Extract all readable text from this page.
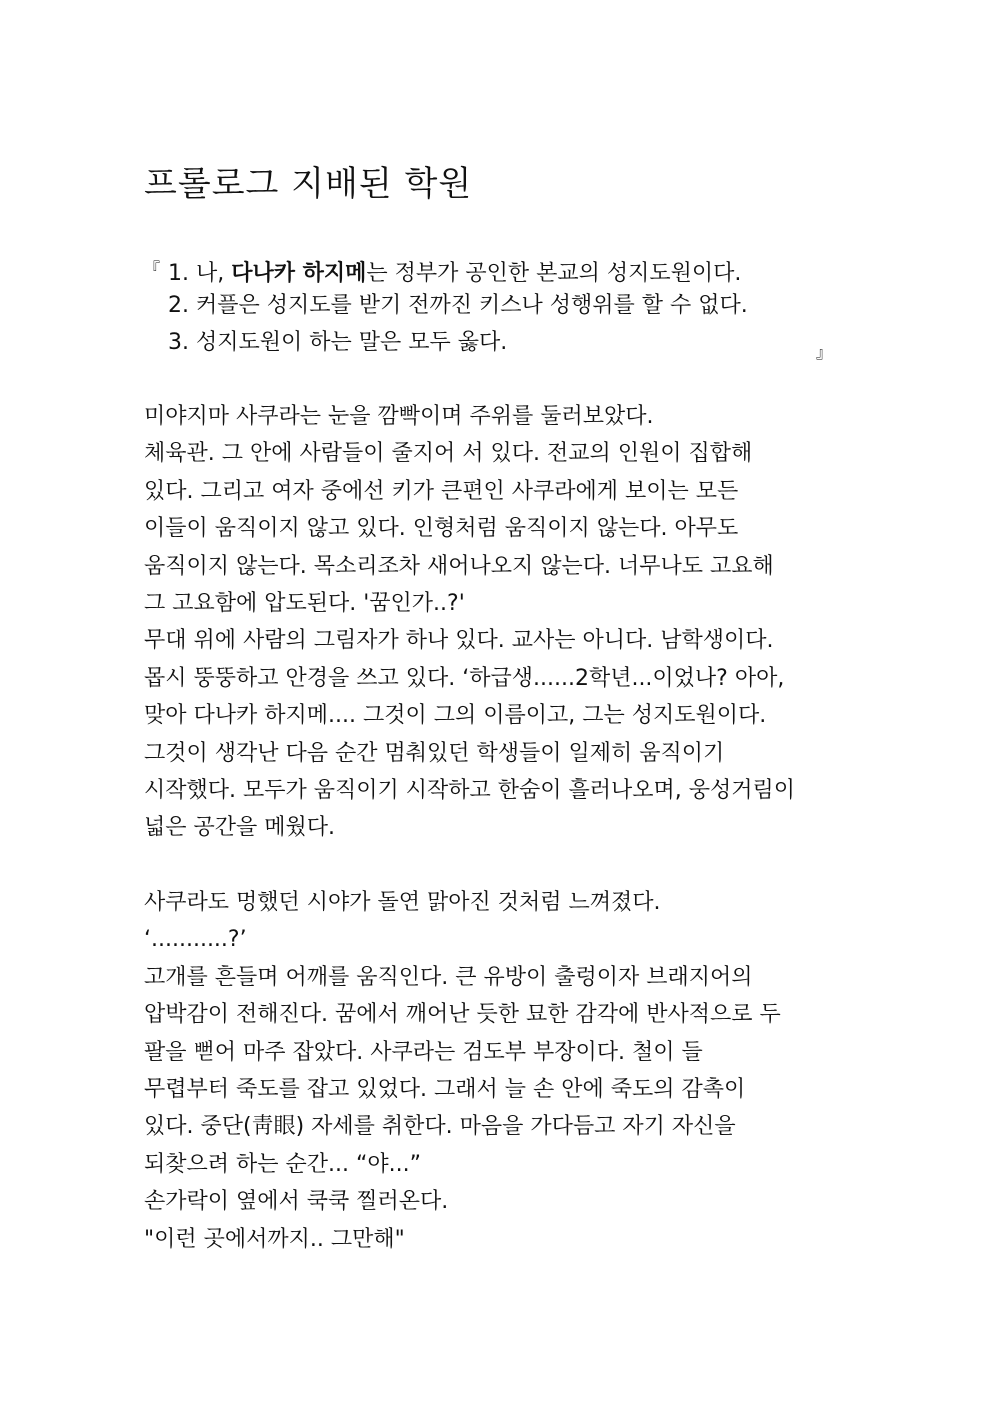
프롤로그 지배된 학원
『 1. 나, 다나카 하지메는 정부가 공인한 본교의 성지도원이다.
2. 커플은 성지도를 받기 전까진 키스나 성행위를 할 수 없다.
3. 성지도원이 하는 말은 모두 옳다.	』
미야지마 사쿠라는 눈을 깜빡이며 주위를 둘러보았다.
체육관. 그 안에 사람들이 줄지어 서 있다. 전교의 인원이 집합해
있다. 그리고 여자 중에선 키가 큰편인 사쿠라에게 보이는 모든
이들이 움직이지 않고 있다. 인형처럼 움직이지 않는다. 아무도
움직이지 않는다. 목소리조차 새어나오지 않는다. 너무나도 고요해
그 고요함에 압도된다. '꿈인가..?'
무대 위에 사람의 그림자가 하나 있다. 교사는 아니다. 남학생이다.
몹시 뚱뚱하고 안경을 쓰고 있다. ‘하급생......2학년...이었나? 아아,
맞아 다나카 하지메.... 그것이 그의 이름이고, 그는 성지도원이다.
그것이 생각난 다음 순간 멈춰있던 학생들이 일제히 움직이기
시작했다. 모두가 움직이기 시작하고 한숨이 흘러나오며, 웅성거림이
넓은 공간을 메웠다.
사쿠라도 멍했던 시야가 돌연 맑아진 것처럼 느껴졌다.
‘...........?’
고개를 흔들며 어깨를 움직인다. 큰 유방이 출렁이자 브래지어의
압박감이 전해진다. 꿈에서 깨어난 듯한 묘한 감각에 반사적으로 두
팔을 뻗어 마주 잡았다. 사쿠라는 검도부 부장이다. 철이 들
무렵부터 죽도를 잡고 있었다. 그래서 늘 손 안에 죽도의 감촉이
있다. 중단(靑眼) 자세를 취한다. 마음을 가다듬고 자기 자신을
되찾으려 하는 순간... “야...”
손가락이 옆에서 쿡쿡 찔러온다.
"이런 곳에서까지.. 그만해"
